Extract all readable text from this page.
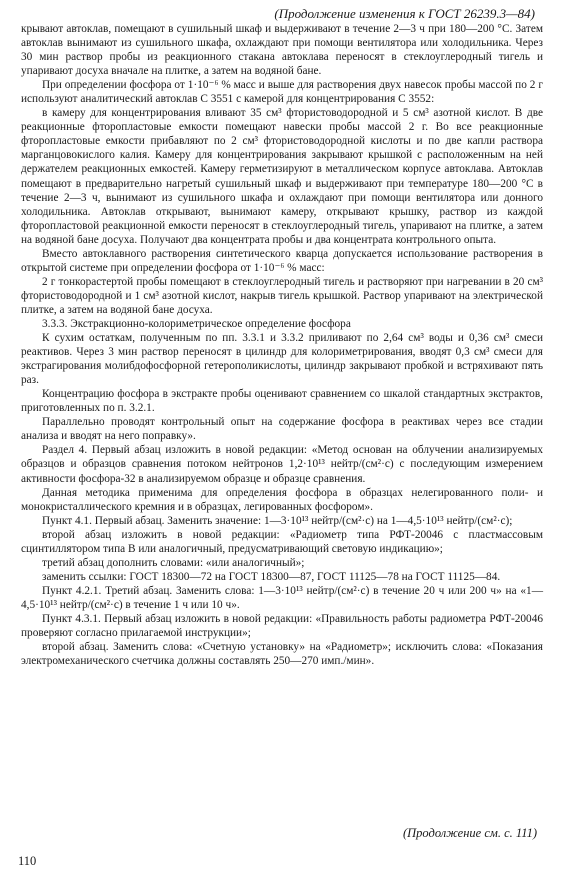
(Продолжение изменения к ГОСТ 26239.3—84)

крывают автоклав, помещают в сушильный шкаф и выдерживают в течение 2—3 ч при 180—200 °С. Затем автоклав вынимают из сушильного шкафа, охлаждают при помощи вентилятора или холодильника. Через 30 мин раствор пробы из реакционного стакана автоклава переносят в стеклоуглеродный тигель и упаривают досуха вначале на плитке, а затем на водяной бане.

При определении фосфора от 1·10⁻⁶ % масс и выше для растворения двух навесок пробы массой по 2 г используют аналитический автоклав С 3551 с камерой для концентрирования С 3552:

в камеру для концентрирования вливают 35 см³ фтористоводородной и 5 см³ азотной кислот. В две реакционные фторопластовые емкости помещают навески пробы массой 2 г. Во все реакционные фторопластовые емкости прибавляют по 2 см³ фтористоводородной кислоты и по две капли раствора марганцовокислого калия. Камеру для концентрирования закрывают крышкой с расположенным на ней держателем реакционных емкостей. Камеру герметизируют в металлическом корпусе автоклава. Автоклав помещают в предварительно нагретый сушильный шкаф и выдерживают при температуре 180—200 °С в течение 2—3 ч, вынимают из сушильного шкафа и охлаждают при помощи вентилятора или донного холодильника. Автоклав открывают, вынимают камеру, открывают крышку, раствор из каждой фторопластовой реакционной емкости переносят в стеклоуглеродный тигель, упаривают на плитке, а затем на водяной бане досуха. Получают два концентрата пробы и два концентрата контрольного опыта.

Вместо автоклавного растворения синтетического кварца допускается использование растворения в открытой системе при определении фосфора от 1·10⁻⁶ % масс:

2 г тонкорастертой пробы помещают в стеклоуглеродный тигель и растворяют при нагревании в 20 см³ фтористоводородной и 1 см³ азотной кислот, накрыв тигель крышкой. Раствор упаривают на электрической плитке, а затем на водяной бане досуха.

3.3.3. Экстракционно-колориметрическое определение фосфора

К сухим остаткам, полученным по пп. 3.3.1 и 3.3.2 приливают по 2,64 см³ воды и 0,36 см³ смеси реактивов. Через 3 мин раствор переносят в цилиндр для колориметрирования, вводят 0,3 см³ смеси для экстрагирования молибдофосфорной гетерополикислоты, цилиндр закрывают пробкой и встряхивают пять раз.

Концентрацию фосфора в экстракте пробы оценивают сравнением со шкалой стандартных экстрактов, приготовленных по п. 3.2.1.

Параллельно проводят контрольный опыт на содержание фосфора в реактивах через все стадии анализа и вводят на него поправку».

Раздел 4. Первый абзац изложить в новой редакции: «Метод основан на облучении анализируемых образцов и образцов сравнения потоком нейтронов 1,2·10¹³ нейтр/(см²·с) с последующим измерением активности фосфора-32 в анализируемом образце и образце сравнения.

Данная методика применима для определения фосфора в образцах нелегированного поли- и монокристаллического кремния и в образцах, легированных фосфором».

Пункт 4.1. Первый абзац. Заменить значение: 1—3·10¹³ нейтр/(см²·с) на 1—4,5·10¹³ нейтр/(см²·с);

второй абзац изложить в новой редакции: «Радиометр типа РФТ-20046 с пластмассовым сцинтиллятором типа В или аналогичный, предусматривающий световую индикацию»;

третий абзац дополнить словами: «или аналогичный»;

заменить ссылки: ГОСТ 18300—72 на ГОСТ 18300—87, ГОСТ 11125—78 на ГОСТ 11125—84.

Пункт 4.2.1. Третий абзац. Заменить слова: 1—3·10¹³ нейтр/(см²·с) в течение 20 ч или 200 ч» на «1—4,5·10¹³ нейтр/(см²·с) в течение 1 ч или 10 ч».

Пункт 4.3.1. Первый абзац изложить в новой редакции: «Правильность работы радиометра РФТ-20046 проверяют согласно прилагаемой инструкции»;

второй абзац. Заменить слова: «Счетную установку» на «Радиометр»; исключить слова: «Показания электромеханического счетчика должны составлять 250—270 имп./мин».

(Продолжение см. с. 111)
110
